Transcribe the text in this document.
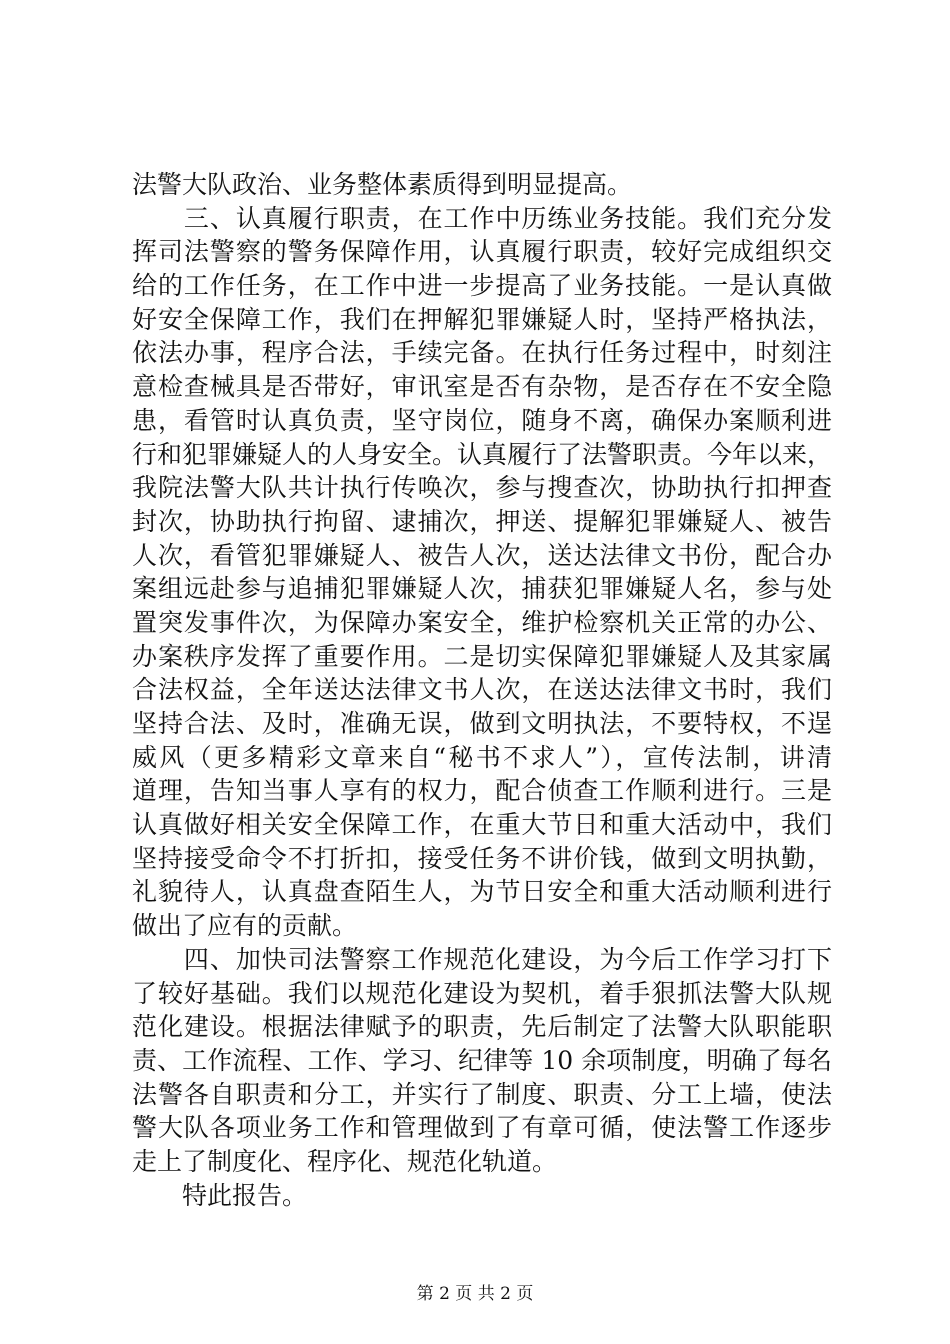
法警大队政治、业务整体素质得到明显提高。
　　三、认真履行职责，在工作中历练业务技能。我们充分发
挥司法警察的警务保障作用，认真履行职责，较好完成组织交
给的工作任务，在工作中进一步提高了业务技能。一是认真做
好安全保障工作，我们在押解犯罪嫌疑人时，坚持严格执法，
依法办事，程序合法，手续完备。在执行任务过程中，时刻注
意检查械具是否带好，审讯室是否有杂物，是否存在不安全隐
患，看管时认真负责，坚守岗位，随身不离，确保办案顺利进
行和犯罪嫌疑人的人身安全。认真履行了法警职责。今年以来，
我院法警大队共计执行传唤次，参与搜查次，协助执行扣押查
封次，协助执行拘留、逮捕次，押送、提解犯罪嫌疑人、被告
人次，看管犯罪嫌疑人、被告人次，送达法律文书份，配合办
案组远赴参与追捕犯罪嫌疑人次，捕获犯罪嫌疑人名，参与处
置突发事件次，为保障办案安全，维护检察机关正常的办公、
办案秩序发挥了重要作用。二是切实保障犯罪嫌疑人及其家属
合法权益，全年送达法律文书人次，在送达法律文书时，我们
坚持合法、及时，准确无误，做到文明执法，不要特权，不逞
威风（更多精彩文章来自“秘书不求人”），宣传法制，讲清
道理，告知当事人享有的权力，配合侦查工作顺利进行。三是
认真做好相关安全保障工作，在重大节日和重大活动中，我们
坚持接受命令不打折扣，接受任务不讲价钱，做到文明执勤，
礼貌待人，认真盘查陌生人，为节日安全和重大活动顺利进行
做出了应有的贡献。
　　四、加快司法警察工作规范化建设，为今后工作学习打下
了较好基础。我们以规范化建设为契机，着手狠抓法警大队规
范化建设。根据法律赋予的职责，先后制定了法警大队职能职
责、工作流程、工作、学习、纪律等 10 余项制度，明确了每名
法警各自职责和分工，并实行了制度、职责、分工上墙，使法
警大队各项业务工作和管理做到了有章可循，使法警工作逐步
走上了制度化、程序化、规范化轨道。
　　特此报告。
第 2 页 共 2 页
